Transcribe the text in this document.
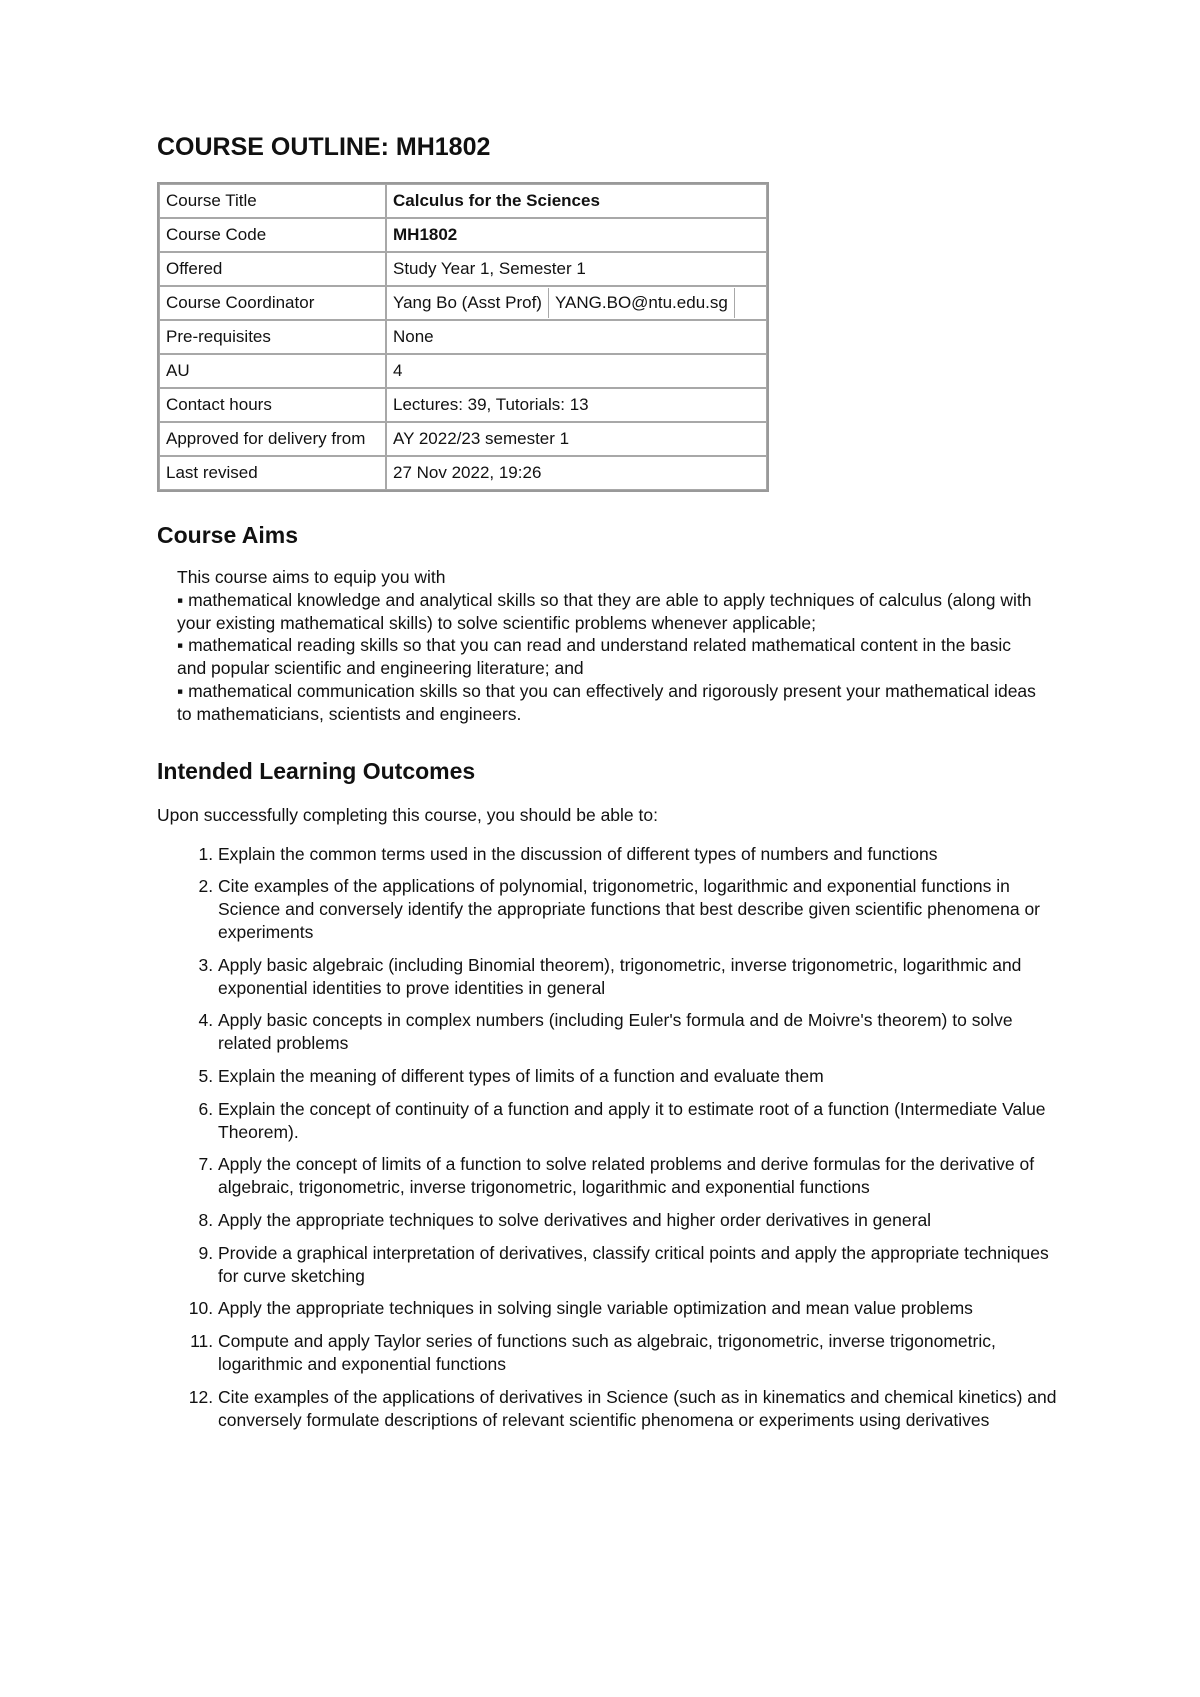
COURSE OUTLINE: MH1802
Course Title	Calculus for the Sciences
Course Code	MH1802
Offered	Study Year 1, Semester 1
Course Coordinator	Yang Bo (Asst Prof) YANG.BO@ntu.edu.sg

Pre-requisites	None
AU	4
Contact hours	Lectures: 39, Tutorials: 13
Approved for delivery from	AY 2022/23 semester 1
Last revised	27 Nov 2022, 19:26
Course Aims
This course aims to equip you with
▪ mathematical knowledge and analytical skills so that they are able to apply techniques of calculus (along with your existing mathematical skills) to solve scientific problems whenever applicable;
▪ mathematical reading skills so that you can read and understand related mathematical content in the basic and popular scientific and engineering literature; and
▪ mathematical communication skills so that you can effectively and rigorously present your mathematical ideas to mathematicians, scientists and engineers.
Intended Learning Outcomes

Upon successfully completing this course, you should be able to:

1. Explain the common terms used in the discussion of different types of numbers and functions
2. Cite examples of the applications of polynomial, trigonometric, logarithmic and exponential functions in Science and conversely identify the appropriate functions that best describe given scientific phenomena or experiments
3. Apply basic algebraic (including Binomial theorem), trigonometric, inverse trigonometric, logarithmic and exponential identities to prove identities in general
4. Apply basic concepts in complex numbers (including Euler's formula and de Moivre's theorem) to solve related problems
5. Explain the meaning of different types of limits of a function and evaluate them
6. Explain the concept of continuity of a function and apply it to estimate root of a function (Intermediate Value Theorem).
7. Apply the concept of limits of a function to solve related problems and derive formulas for the derivative of algebraic, trigonometric, inverse trigonometric, logarithmic and exponential functions
8. Apply the appropriate techniques to solve derivatives and higher order derivatives in general
9. Provide a graphical interpretation of derivatives, classify critical points and apply the appropriate techniques for curve sketching
10. Apply the appropriate techniques in solving single variable optimization and mean value problems
11. Compute and apply Taylor series of functions such as algebraic, trigonometric, inverse trigonometric, logarithmic and exponential functions
12. Cite examples of the applications of derivatives in Science (such as in kinematics and chemical kinetics) and conversely formulate descriptions of relevant scientific phenomena or experiments using derivatives
